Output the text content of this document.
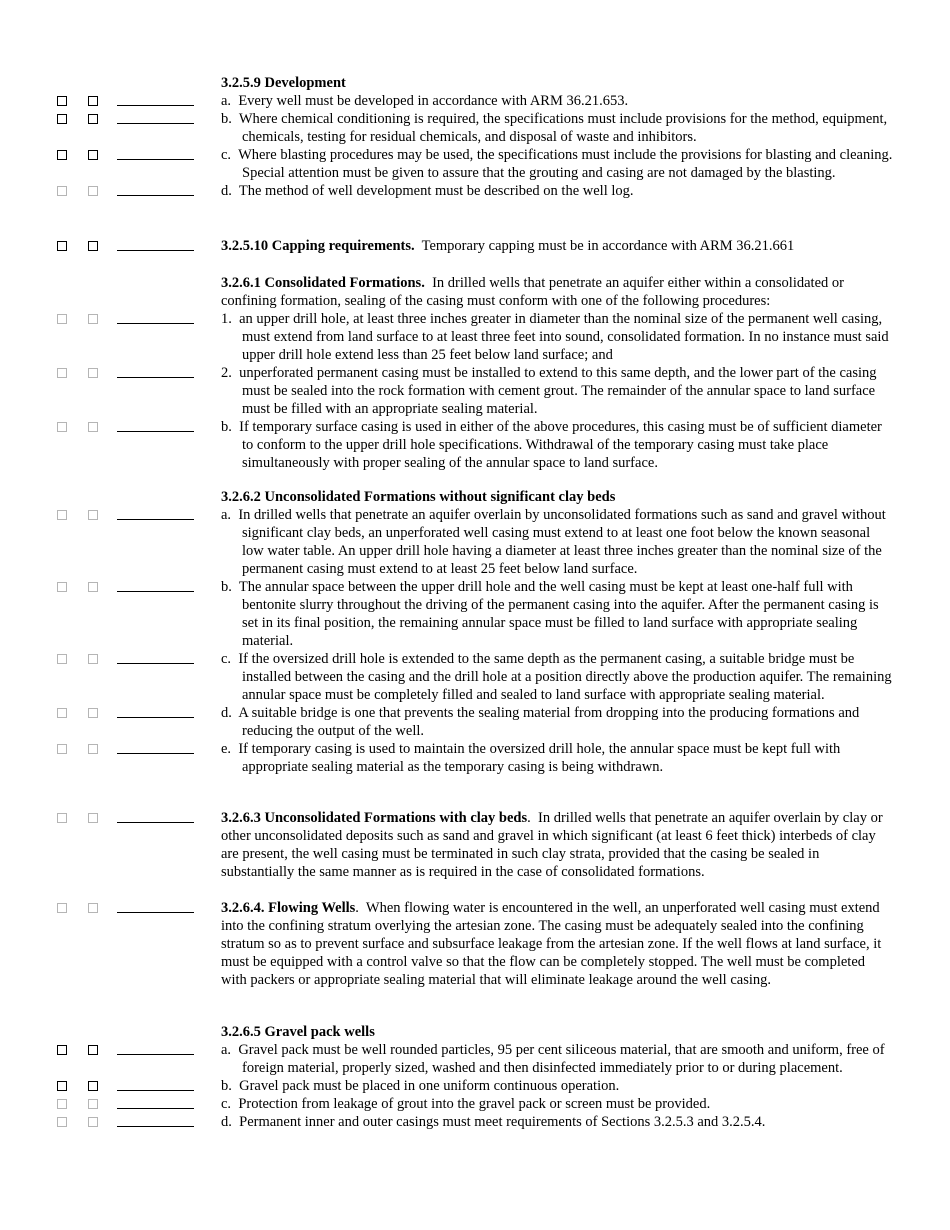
3.2.5.9 Development
a. Every well must be developed in accordance with ARM 36.21.653.
b. Where chemical conditioning is required, the specifications must include provisions for the method, equipment, chemicals, testing for residual chemicals, and disposal of waste and inhibitors.
c. Where blasting procedures may be used, the specifications must include the provisions for blasting and cleaning. Special attention must be given to assure that the grouting and casing are not damaged by the blasting.
d. The method of well development must be described on the well log.
3.2.5.10 Capping requirements. Temporary capping must be in accordance with ARM 36.21.661
3.2.6.1 Consolidated Formations. In drilled wells that penetrate an aquifer either within a consolidated or confining formation, sealing of the casing must conform with one of the following procedures:
1. an upper drill hole, at least three inches greater in diameter than the nominal size of the permanent well casing, must extend from land surface to at least three feet into sound, consolidated formation. In no instance must said upper drill hole extend less than 25 feet below land surface; and
2. unperforated permanent casing must be installed to extend to this same depth, and the lower part of the casing must be sealed into the rock formation with cement grout. The remainder of the annular space to land surface must be filled with an appropriate sealing material.
b. If temporary surface casing is used in either of the above procedures, this casing must be of sufficient diameter to conform to the upper drill hole specifications. Withdrawal of the temporary casing must take place simultaneously with proper sealing of the annular space to land surface.
3.2.6.2 Unconsolidated Formations without significant clay beds
a. In drilled wells that penetrate an aquifer overlain by unconsolidated formations such as sand and gravel without significant clay beds, an unperforated well casing must extend to at least one foot below the known seasonal low water table. An upper drill hole having a diameter at least three inches greater than the nominal size of the permanent casing must extend to at least 25 feet below land surface.
b. The annular space between the upper drill hole and the well casing must be kept at least one-half full with bentonite slurry throughout the driving of the permanent casing into the aquifer. After the permanent casing is set in its final position, the remaining annular space must be filled to land surface with appropriate sealing material.
c. If the oversized drill hole is extended to the same depth as the permanent casing, a suitable bridge must be installed between the casing and the drill hole at a position directly above the production aquifer. The remaining annular space must be completely filled and sealed to land surface with appropriate sealing material.
d. A suitable bridge is one that prevents the sealing material from dropping into the producing formations and reducing the output of the well.
e. If temporary casing is used to maintain the oversized drill hole, the annular space must be kept full with appropriate sealing material as the temporary casing is being withdrawn.
3.2.6.3 Unconsolidated Formations with clay beds.  In drilled wells that penetrate an aquifer overlain by clay or other unconsolidated deposits such as sand and gravel in which significant (at least 6 feet thick) interbeds of clay are present, the well casing must be terminated in such clay strata, provided that the casing be sealed in substantially the same manner as is required in the case of consolidated formations.
3.2.6.4. Flowing Wells.  When flowing water is encountered in the well, an unperforated well casing must extend into the confining stratum overlying the artesian zone. The casing must be adequately sealed into the confining stratum so as to prevent surface and subsurface leakage from the artesian zone. If the well flows at land surface, it must be equipped with a control valve so that the flow can be completely stopped. The well must be completed with packers or appropriate sealing material that will eliminate leakage around the well casing.
3.2.6.5 Gravel pack wells
a. Gravel pack must be well rounded particles, 95 per cent siliceous material, that are smooth and uniform, free of foreign material, properly sized, washed and then disinfected immediately prior to or during placement.
b. Gravel pack must be placed in one uniform continuous operation.
c. Protection from leakage of grout into the gravel pack or screen must be provided.
d. Permanent inner and outer casings must meet requirements of Sections 3.2.5.3 and 3.2.5.4.
